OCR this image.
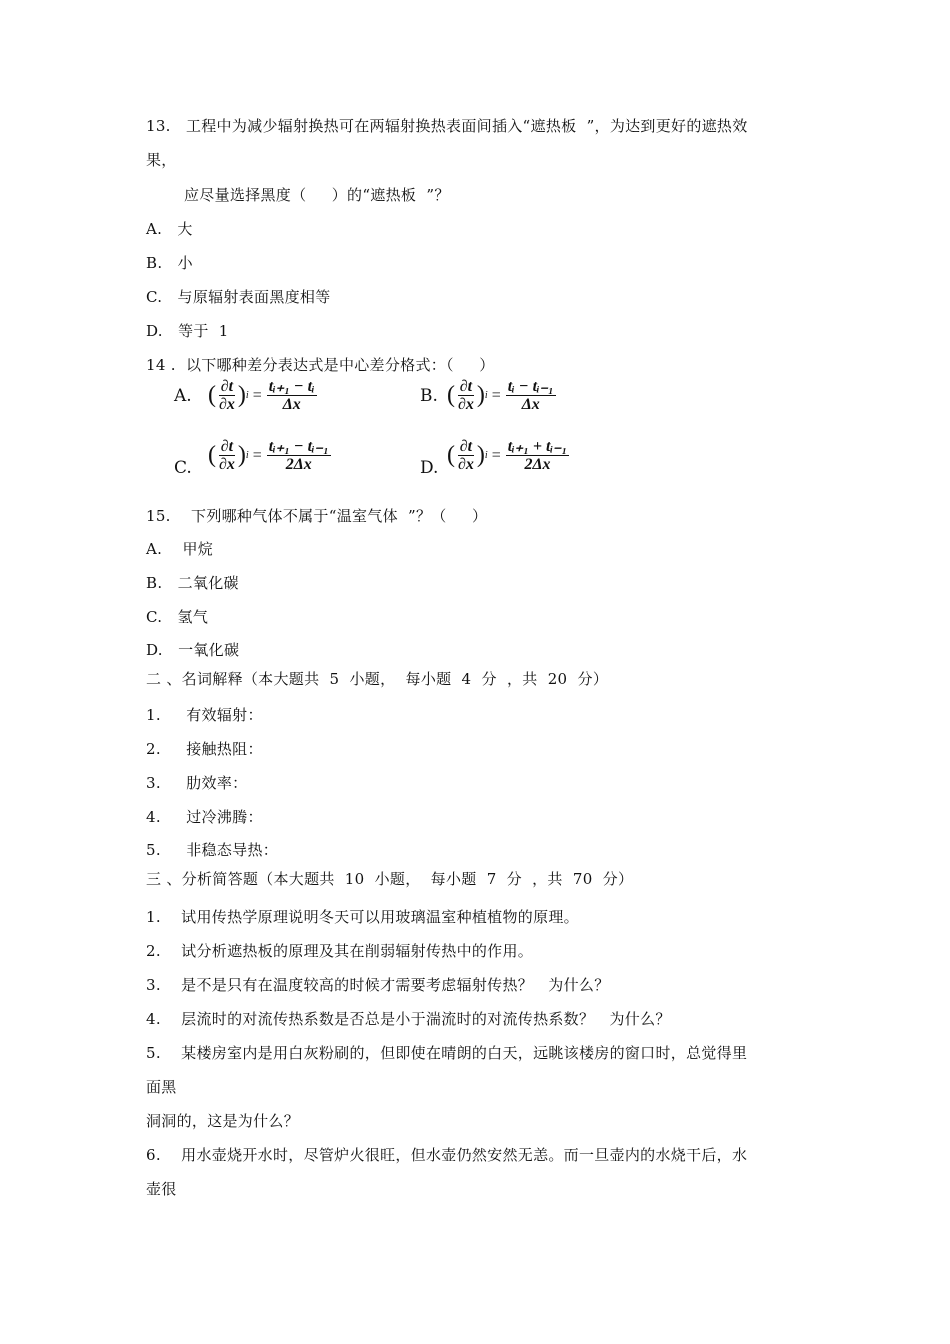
13.   工程中为减少辐射换热可在两辐射换热表面间插入“遮热板  ”，为达到更好的遮热效
果，
应尽量选择黑度（     ）的“遮热板  ”？
A.   大
B.   小
C.   与原辐射表面黑度相等
D.   等于  1
14 .  以下哪种差分表达式是中心差分格式：（     ）
A. ( $\frac{\partial t}{\partial x}$ ) $i = \frac{\text{tᵢ₊₁ − tᵢ}}{\Delta x}$	B. ( $\frac{\partial t}{\partial x}$ ) $i = \frac{\text{tᵢ − tᵢ₋₁}}{\Delta x}$
C. ( $\frac{\partial t}{\partial x}$ ) $i = \frac{\text{tᵢ₊₁ − tᵢ₋₁}}{2\Delta x}$	D. ( $\frac{\partial t}{\partial x}$ ) $i = \frac{\text{tᵢ₊₁ + tᵢ₋₁}}{2\Delta x}$
15.    下列哪种气体不属于“温室气体  ”？（     ）
A.    甲烷
B.   二氧化碳
C.   氢气
D.   一氧化碳
二 、名词解释（本大题共  5  小题，  每小题  4  分  ，共  20  分）
1.     有效辐射：
2.     接触热阻：
3.     肋效率：
4.     过冷沸腾：
5.     非稳态导热：
三 、分析简答题（本大题共  10  小题，  每小题  7  分  ，共  70  分）
1.    试用传热学原理说明冬天可以用玻璃温室种植植物的原理。
2.    试分析遮热板的原理及其在削弱辐射传热中的作用。
3.    是不是只有在温度较高的时候才需要考虑辐射传热？   为什么？
4.    层流时的对流传热系数是否总是小于湍流时的对流传热系数？   为什么？
5.    某楼房室内是用白灰粉刷的，但即使在晴朗的白天，远眺该楼房的窗口时，总觉得里
面黑
洞洞的，这是为什么？
6.    用水壶烧开水时，尽管炉火很旺，但水壶仍然安然无恙。而一旦壶内的水烧干后，水
壶很
